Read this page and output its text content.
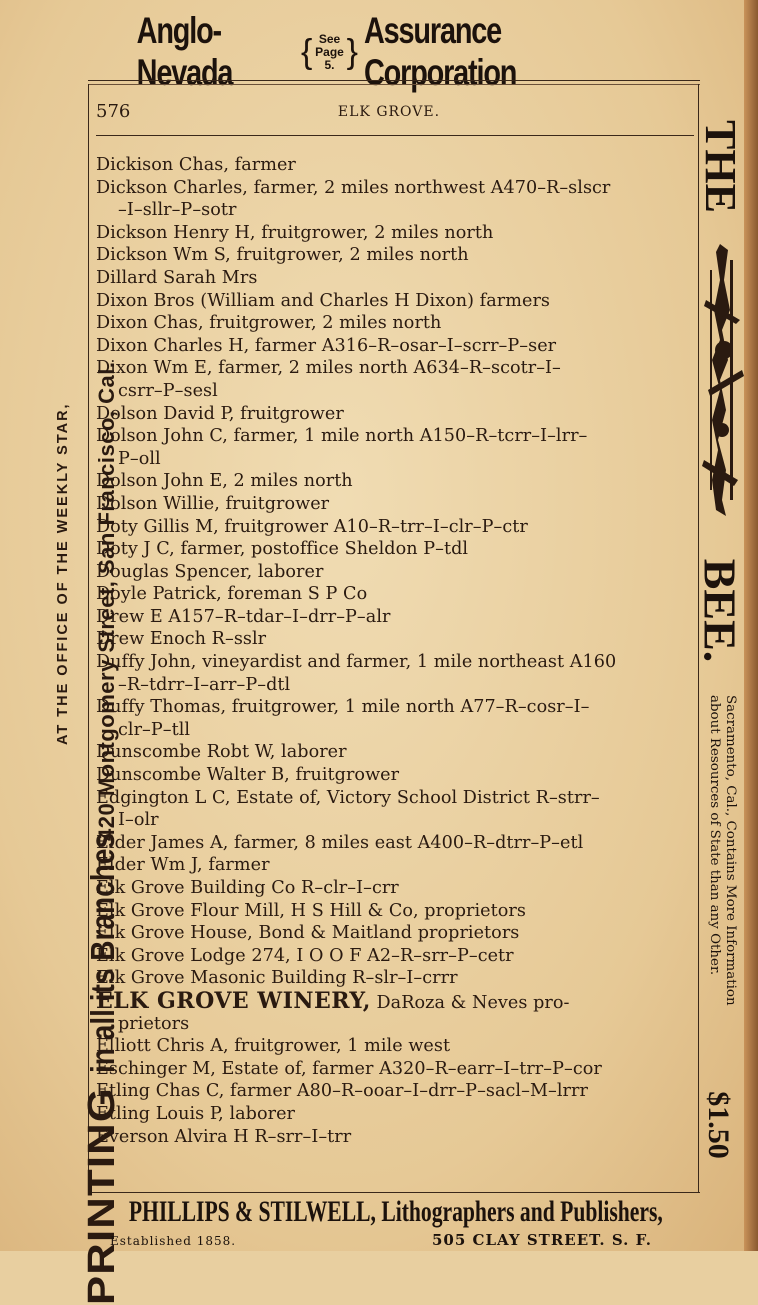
Anglo-Nevada
{ See
Page 5. }
Assurance Corporation
576	ELK GROVE.
Dickison Chas, farmer
Dickson Charles, farmer, 2 miles northwest A470–R–slscr
–I–sllr–P–sotr
Dickson Henry H, fruitgrower, 2 miles north
Dickson Wm S, fruitgrower, 2 miles north
Dillard Sarah Mrs
Dixon Bros (William and Charles H Dixon) farmers
Dixon Chas, fruitgrower, 2 miles north
Dixon Charles H, farmer A316–R–osar–I–scrr–P–ser
Dixon Wm E, farmer, 2 miles north A634–R–scotr–I–
csrr–P–sesl
Dolson David P, fruitgrower
Dolson John C, farmer, 1 mile north A150–R–tcrr–I–lrr–
P–oll
Dolson John E, 2 miles north
Dolson Willie, fruitgrower
Doty Gillis M, fruitgrower A10–R–trr–I–clr–P–ctr
Doty J C, farmer, postoffice Sheldon P–tdl
Douglas Spencer, laborer
Doyle Patrick, foreman S P Co
Drew E A157–R–tdar–I–drr–P–alr
Drew Enoch R–sslr
Duffy John, vineyardist and farmer, 1 mile northeast A160
–R–tdrr–I–arr–P–dtl
Duffy Thomas, fruitgrower, 1 mile north A77–R–cosr–I–
clr–P–tll
Dunscombe Robt W, laborer
Dunscombe Walter B, fruitgrower
Edgington L C, Estate of, Victory School District R–strr–
I–olr
Elder James A, farmer, 8 miles east A400–R–dtrr–P–etl
Elder Wm J, farmer
Elk Grove Building Co R–clr–I–crr
Elk Grove Flour Mill, H S Hill & Co, proprietors
Elk Grove House, Bond & Maitland proprietors
Elk Grove Lodge 274, I O O F A2–R–srr–P–cetr
Elk Grove Masonic Building R–slr–I–crrr
ELK GROVE WINERY, DaRoza & Neves pro-
prietors
Elliott Chris A, fruitgrower, 1 mile west
Eschinger M, Estate of, farmer A320–R–earr–I–trr–P–cor
Etling Chas C, farmer A80–R–ooar–I–drr–P–sacl–M–lrrr
Etling Louis P, laborer
Everson Alvira H R–srr–I–trr
AT THE OFFICE OF THE WEEKLY STAR,
PRINTING
in all its Branches
420 Montgomery Street, San Francisco, Cal.
THE
BEE.
Sacramento, Cal., Contains More Information
about Resources of State than any Other.
$1.50
PHILLIPS & STILWELL, Lithographers and Publishers,
Established 1858.	505 CLAY STREET. S. F.
